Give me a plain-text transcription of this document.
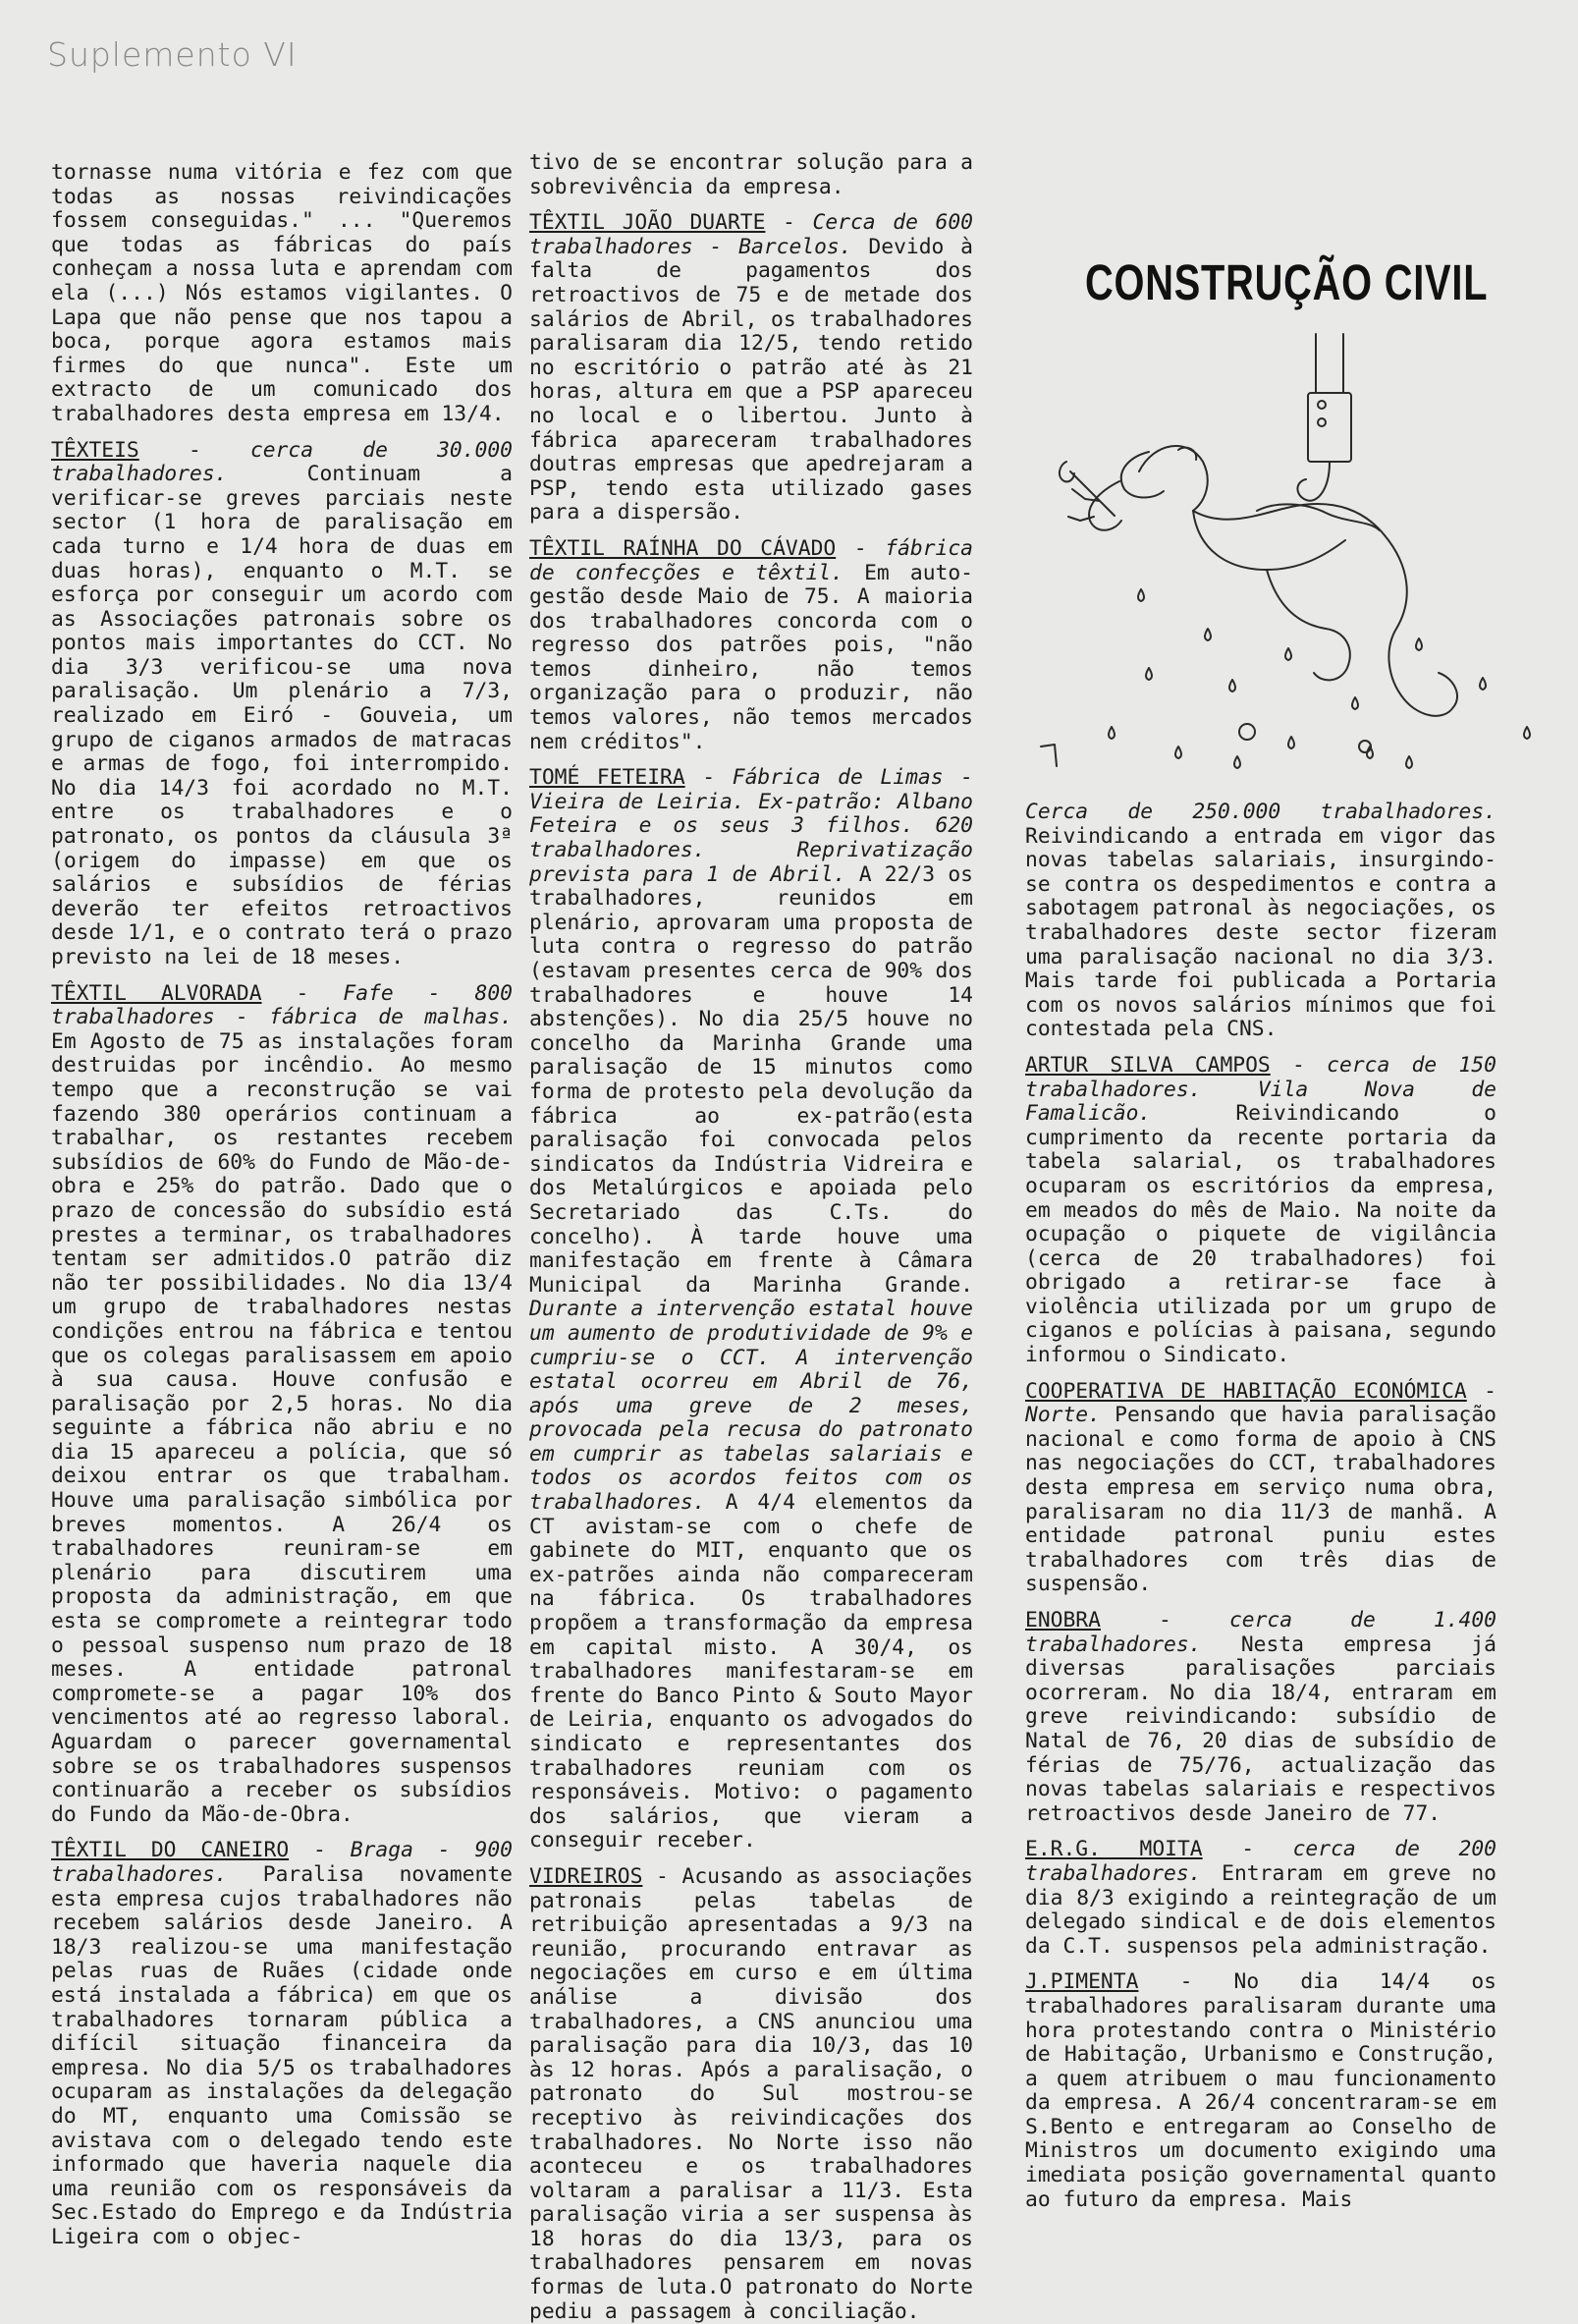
Suplemento VI

tornasse numa vitória e fez com que todas as nossas reivindicações fossem conseguidas." ... "Queremos que todas as fábricas do país conheçam a nossa luta e aprendam com ela (...) Nós estamos vigilantes. O Lapa que não pense que nos tapou a boca, porque agora estamos mais firmes do que nunca". Este um extracto de um comunicado dos trabalhadores desta empresa em 13/4.

TÊXTEIS - cerca de 30.000 trabalhadores.	Continuam a verificar-se greves parciais neste sector (1 hora de paralisação em cada turno e 1/4 hora de duas em duas horas), enquanto o M.T. se esforça por conseguir um acordo com as Associações patronais sobre os pontos mais importantes do CCT. No dia 3/3 verificou-se uma nova paralisação. Um plenário a 7/3, realizado em Eiró - Gouveia, um grupo de ciganos armados de matracas e armas de fogo, foi interrompido. No dia 14/3 foi acordado no M.T. entre os trabalhadores e o patronato, os pontos da cláusula 3ª (origem do impasse) em que os salários e subsídios de férias deverão ter efeitos retroactivos desde 1/1, e o contrato terá o prazo previsto na lei de 18 meses.

TÊXTIL ALVORADA - Fafe - 800 trabalhadores - fábrica de malhas. Em Agosto de 75 as instalações foram destruidas por incêndio. Ao mesmo tempo que a reconstrução se vai fazendo 380 operários continuam a trabalhar, os restantes recebem subsídios de 60% do Fundo de Mão-de-obra e 25% do patrão. Dado que o prazo de concessão do subsídio está prestes a terminar, os trabalhadores tentam ser admitidos.O patrão diz não ter possibilidades. No dia 13/4 um grupo de trabalhadores nestas condições entrou na fábrica e tentou que os colegas paralisassem em apoio à sua causa. Houve confusão e paralisação por 2,5 horas. No dia seguinte a fábrica não abriu e no dia 15 apareceu a polícia, que só deixou entrar os que trabalham. Houve uma paralisação simbólica por breves momentos. A 26/4 os trabalhadores reuniram-se em plenário para discutirem uma proposta da administração, em que esta se compromete a reintegrar todo o pessoal suspenso num prazo de 18 meses. A entidade patronal compromete-se a pagar 10% dos vencimentos até ao regresso laboral. Aguardam o parecer governamental sobre se os trabalhadores suspensos continuarão a receber os subsídios do Fundo da Mão-de-Obra.

TÊXTIL DO CANEIRO - Braga - 900 trabalhadores. Paralisa novamente esta empresa cujos trabalhadores não recebem salários desde Janeiro. A 18/3 realizou-se uma manifestação pelas ruas de Ruães (cidade onde está instalada a fábrica) em que os trabalhadores tornaram pública a difícil situação financeira da empresa. No dia 5/5 os trabalhadores ocuparam as instalações da delegação do MT, enquanto uma Comissão se avistava com o delegado tendo este informado que haveria naquele dia uma reunião com os responsáveis da Sec.Estado do Emprego e da Indústria Ligeira com o objec-

tivo de se encontrar solução para a sobrevivência da empresa.

TÊXTIL JOÃO DUARTE - Cerca de 600 trabalhadores - Barcelos. Devido à falta de pagamentos dos retroactivos de 75 e de metade dos salários de Abril, os trabalhadores paralisaram dia 12/5, tendo retido no escritório o patrão até às 21 horas, altura em que a PSP apareceu no local e o libertou. Junto à fábrica apareceram trabalhadores doutras empresas que apedrejaram a PSP, tendo esta utilizado gases para a dispersão.

TÊXTIL RAÍNHA DO CÁVADO - fábrica de confecções e têxtil. Em auto-gestão desde Maio de 75. A maioria dos trabalhadores concorda com o regresso dos patrões pois, "não temos dinheiro, não temos organização para o produzir, não temos valores, não temos mercados nem créditos".

TOMÉ FETEIRA - Fábrica de Limas - Vieira de Leiria. Ex-patrão: Albano Feteira e os seus 3 filhos. 620 trabalhadores. Reprivatização prevista para 1 de Abril. A 22/3 os trabalhadores, reunidos em plenário, aprovaram uma proposta de luta contra o regresso do patrão (estavam presentes cerca de 90% dos trabalhadores e houve 14 abstenções). No dia 25/5 houve no concelho da Marinha Grande uma paralisação de 15 minutos como forma de protesto pela devolução da fábrica ao ex-patrão(esta paralisação foi convocada pelos sindicatos da Indústria Vidreira e dos Metalúrgicos e apoiada pelo Secretariado das C.Ts. do concelho). À tarde houve uma manifestação em frente à Câmara Municipal da Marinha Grande. Durante a intervenção estatal houve um aumento de produtividade de 9% e cumpriu-se o CCT. A intervenção estatal ocorreu em Abril de 76, após uma greve de 2 meses, provocada pela recusa do patronato em cumprir as tabelas salariais e todos os acordos feitos com os trabalhadores. A 4/4 elementos da CT avistam-se com o chefe de gabinete do MIT, enquanto que os ex-patrões ainda não compareceram na fábrica. Os trabalhadores propõem a transformação da empresa em capital misto. A 30/4, os trabalhadores manifestaram-se em frente do Banco Pinto & Souto Mayor de Leiria, enquanto os advogados do sindicato e representantes dos trabalhadores reuniam com os responsáveis. Motivo: o pagamento dos salários, que vieram a conseguir receber.

VIDREIROS - Acusando as associações patronais pelas tabelas de retribuição apresentadas a 9/3 na reunião, procurando entravar as negociações em curso e em última análise a divisão dos trabalhadores, a CNS anunciou uma paralisação para dia 10/3, das 10 às 12 horas. Após a paralisação, o patronato do Sul mostrou-se receptivo às reivindicações dos trabalhadores. No Norte isso não aconteceu e os trabalhadores voltaram a paralisar a 11/3. Esta paralisação viria a ser suspensa às 18 horas do dia 13/3, para os trabalhadores pensarem em novas formas de luta.O patronato do Norte pediu a passagem à conciliação.

CONSTRUÇÃO CIVIL

Cerca de 250.000 trabalhadores. Reivindicando a entrada em vigor das novas tabelas salariais, insurgindo-se contra os despedimentos e contra a sabotagem patronal às negociações, os trabalhadores deste sector fizeram uma paralisação nacional no dia 3/3. Mais tarde foi publicada a Portaria com os novos salários mínimos que foi contestada pela CNS.

ARTUR SILVA CAMPOS - cerca de 150 trabalhadores. Vila Nova de Famalicão.	Reivindicando o cumprimento da recente portaria da tabela salarial, os trabalhadores ocuparam os escritórios da empresa, em meados do mês de Maio. Na noite da ocupação o piquete de vigilância (cerca de 20 trabalhadores) foi obrigado a retirar-se face à violência utilizada por um grupo de ciganos e polícias à paisana, segundo informou o Sindicato.

COOPERATIVA DE HABITAÇÃO ECONÓMICA - Norte. Pensando que havia paralisação nacional e como forma de apoio à CNS nas negociações do CCT, trabalhadores desta empresa em serviço numa obra, paralisaram no dia 11/3 de manhã. A entidade patronal puniu estes trabalhadores com três dias de suspensão.

ENOBRA - cerca de 1.400 trabalhadores. Nesta empresa já diversas paralisações parciais ocorreram. No dia 18/4, entraram em greve reivindicando: subsídio de Natal de 76, 20 dias de subsídio de férias de 75/76, actualização das novas tabelas salariais e respectivos retroactivos desde Janeiro de 77.

E.R.G. MOITA - cerca de 200 trabalhadores. Entraram em greve no dia 8/3 exigindo a reintegração de um delegado sindical e de dois elementos da C.T. suspensos pela administração.

J.PIMENTA - No dia 14/4 os trabalhadores paralisaram durante uma hora protestando contra o Ministério de Habitação, Urbanismo e Construção, a quem atribuem o mau funcionamento da empresa. A 26/4 concentraram-se em S.Bento e entregaram ao Conselho de Ministros um documento exigindo uma imediata posição governamental quanto ao futuro da empresa. Mais
